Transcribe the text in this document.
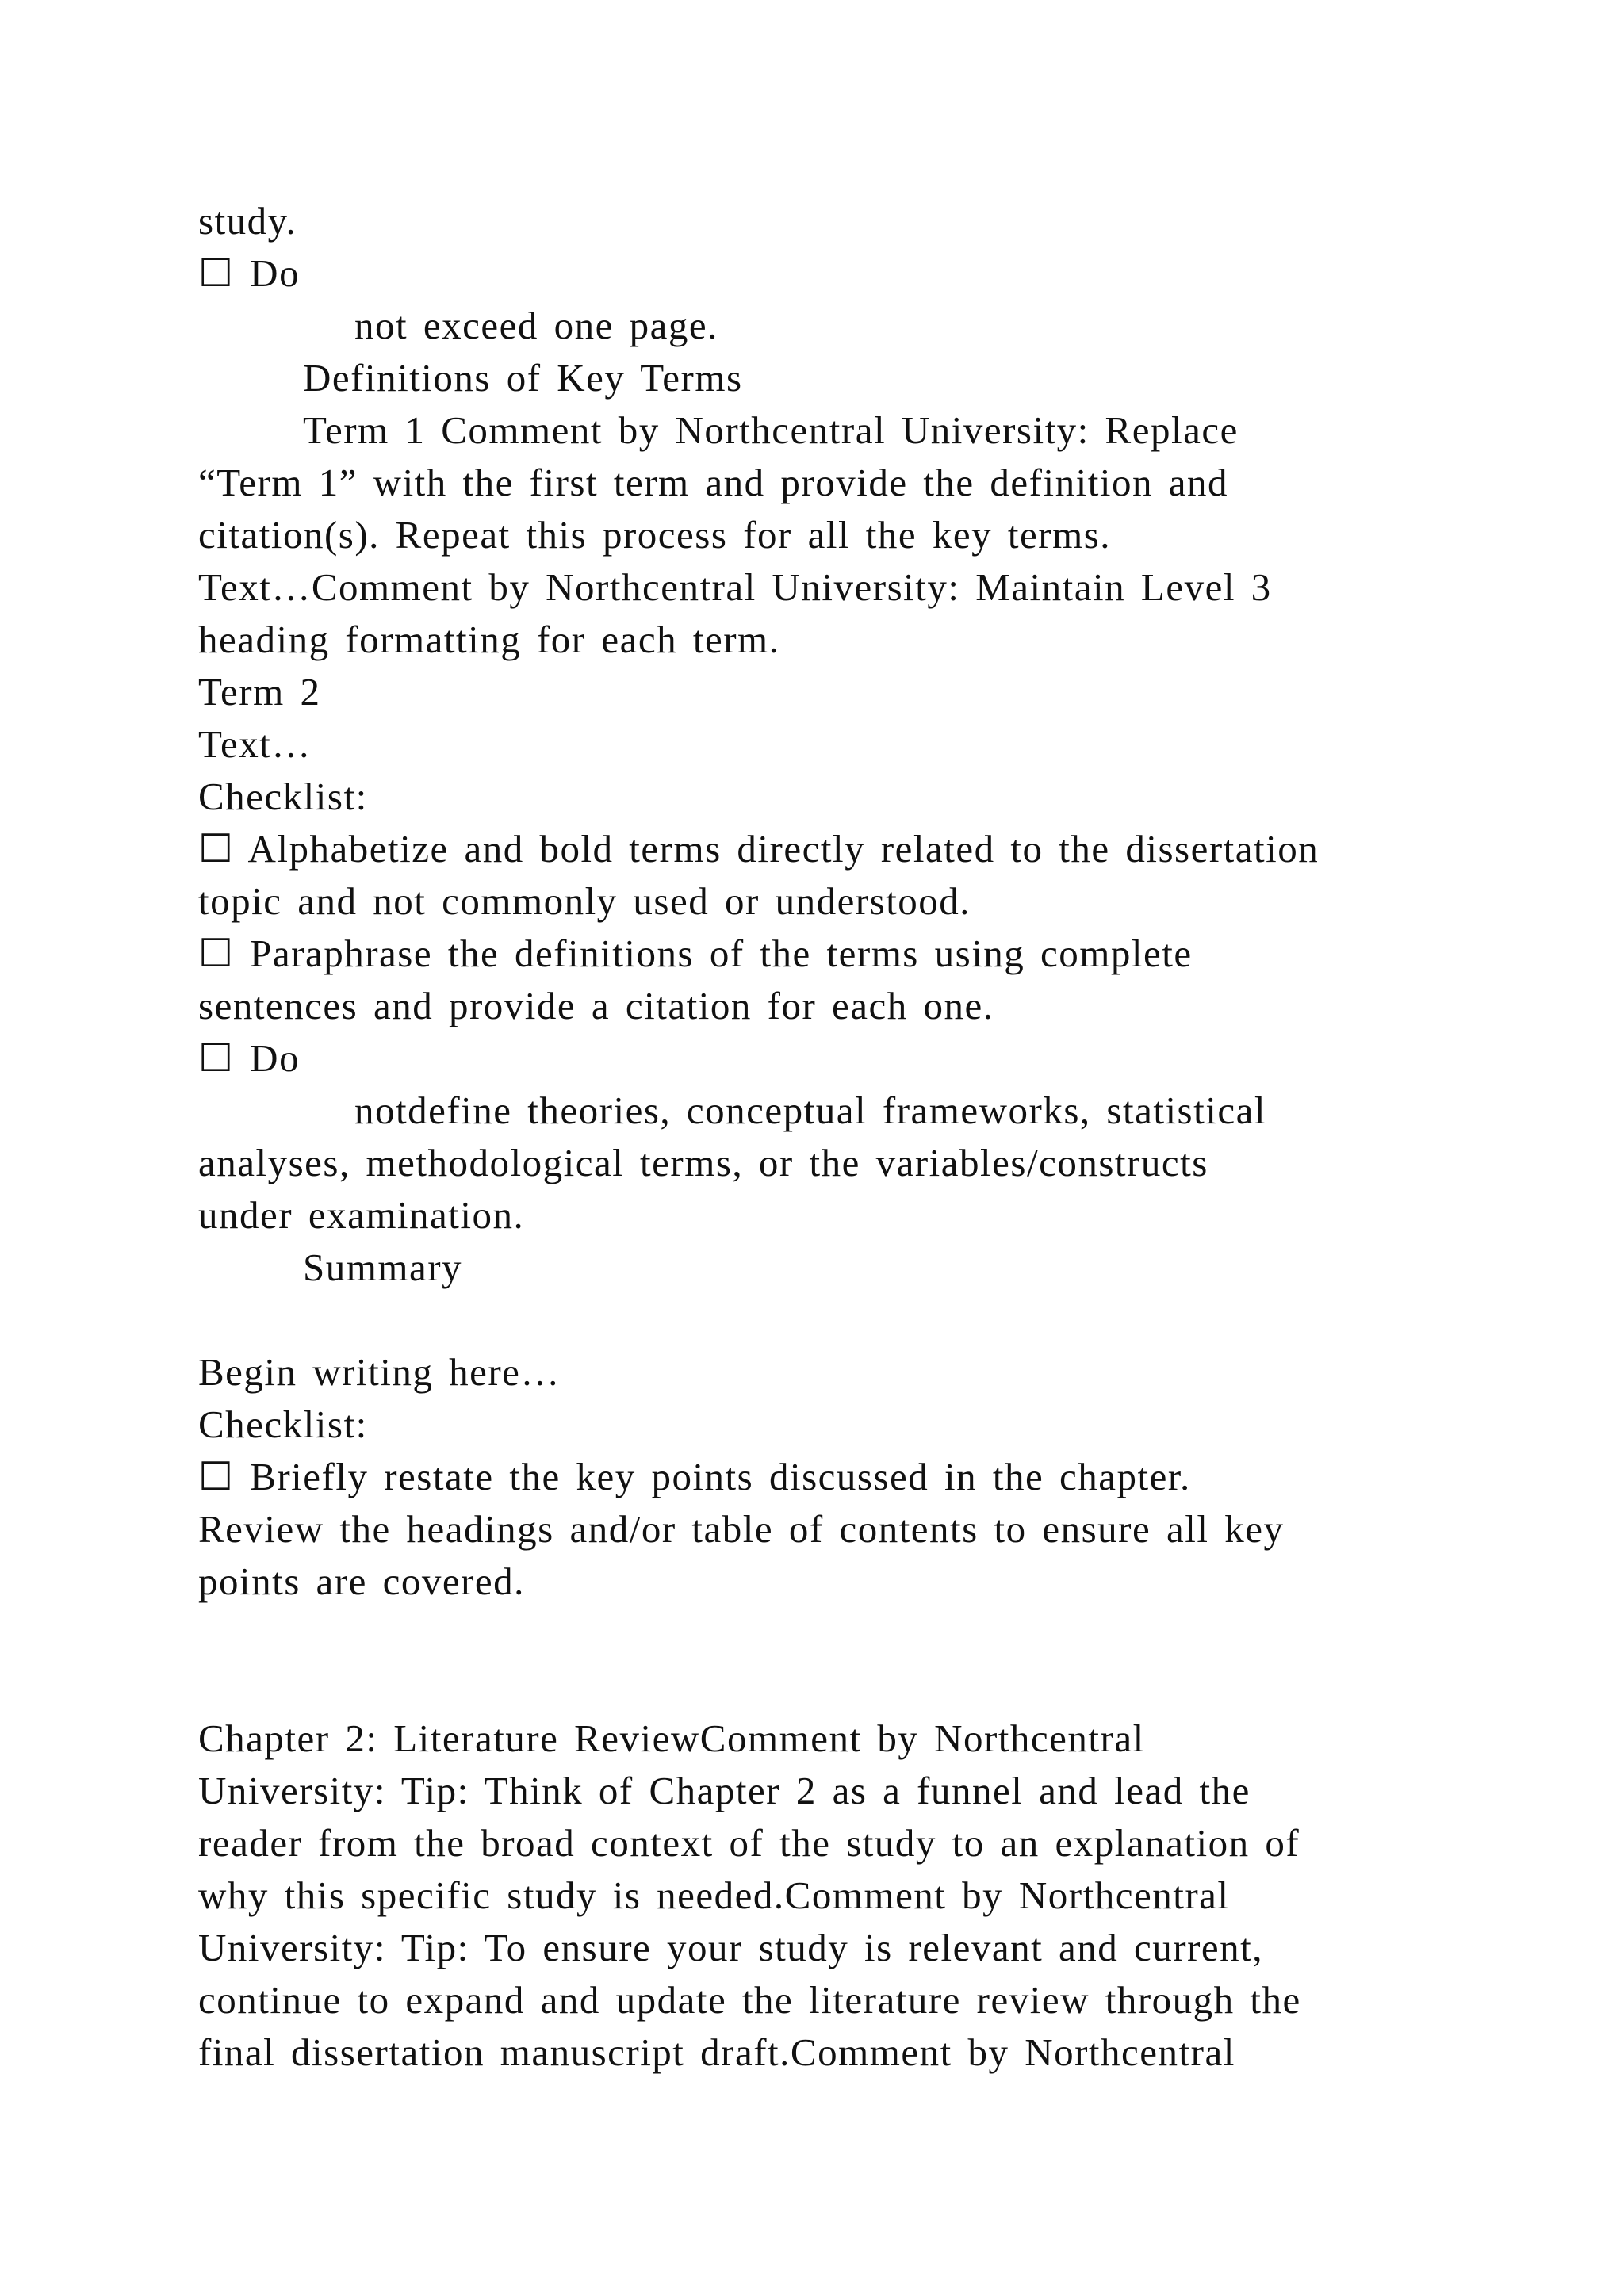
study.
☐ Do
not exceed one page.
Definitions of Key Terms
Term 1 Comment by Northcentral University: Replace
“Term 1” with the first term and provide the definition and
citation(s). Repeat this process for all the key terms.
Text…Comment by Northcentral University: Maintain Level 3
heading formatting for each term.
Term 2
Text…
Checklist:
☐ Alphabetize and bold terms directly related to the dissertation
topic and not commonly used or understood.
☐ Paraphrase the definitions of the terms using complete
sentences and provide a citation for each one.
☐ Do
notdefine theories, conceptual frameworks, statistical
analyses, methodological terms, or the variables/constructs
under examination.
Summary
Begin writing here…
Checklist:
☐ Briefly restate the key points discussed in the chapter.
Review the headings and/or table of contents to ensure all key
points are covered.
Chapter 2: Literature ReviewComment by Northcentral
University: Tip: Think of Chapter 2 as a funnel and lead the
reader from the broad context of the study to an explanation of
why this specific study is needed.Comment by Northcentral
University: Tip: To ensure your study is relevant and current,
continue to expand and update the literature review through the
final dissertation manuscript draft.Comment by Northcentral
